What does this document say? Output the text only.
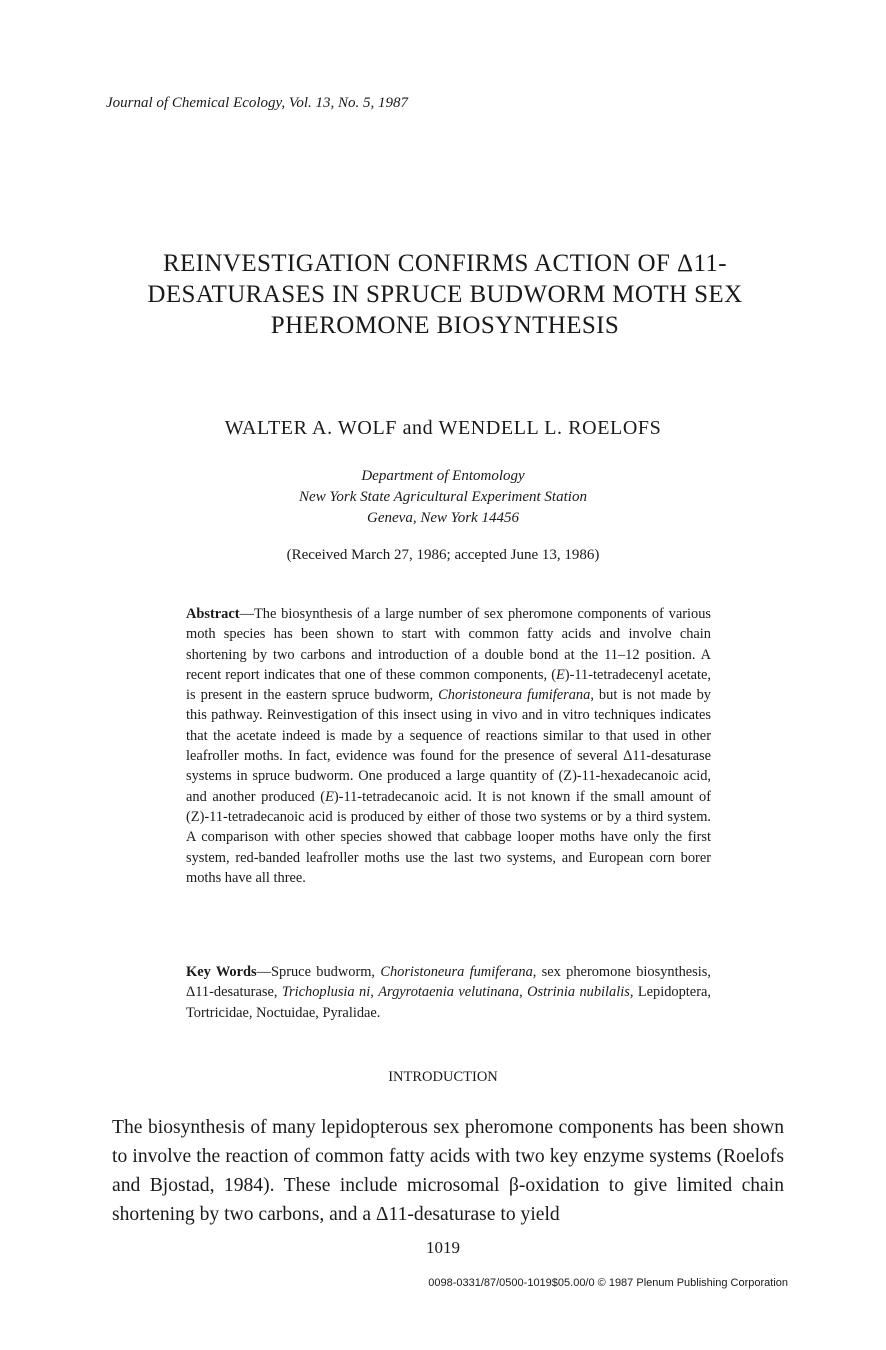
Journal of Chemical Ecology, Vol. 13, No. 5, 1987
REINVESTIGATION CONFIRMS ACTION OF Δ11-DESATURASES IN SPRUCE BUDWORM MOTH SEX PHEROMONE BIOSYNTHESIS
WALTER A. WOLF and WENDELL L. ROELOFS
Department of Entomology
New York State Agricultural Experiment Station
Geneva, New York 14456
(Received March 27, 1986; accepted June 13, 1986)
Abstract—The biosynthesis of a large number of sex pheromone components of various moth species has been shown to start with common fatty acids and involve chain shortening by two carbons and introduction of a double bond at the 11–12 position. A recent report indicates that one of these common components, (E)-11-tetradecenyl acetate, is present in the eastern spruce budworm, Choristoneura fumiferana, but is not made by this pathway. Reinvestigation of this insect using in vivo and in vitro techniques indicates that the acetate indeed is made by a sequence of reactions similar to that used in other leafroller moths. In fact, evidence was found for the presence of several Δ11-desaturase systems in spruce budworm. One produced a large quantity of (Z)-11-hexadecanoic acid, and another produced (E)-11-tetradecanoic acid. It is not known if the small amount of (Z)-11-tetradecanoic acid is produced by either of those two systems or by a third system. A comparison with other species showed that cabbage looper moths have only the first system, red-banded leafroller moths use the last two systems, and European corn borer moths have all three.
Key Words—Spruce budworm, Choristoneura fumiferana, sex pheromone biosynthesis, Δ11-desaturase, Trichoplusia ni, Argyrotaenia velutinana, Ostrinia nubilalis, Lepidoptera, Tortricidae, Noctuidae, Pyralidae.
INTRODUCTION
The biosynthesis of many lepidopterous sex pheromone components has been shown to involve the reaction of common fatty acids with two key enzyme systems (Roelofs and Bjostad, 1984). These include microsomal β-oxidation to give limited chain shortening by two carbons, and a Δ11-desaturase to yield
1019
0098-0331/87/0500-1019$05.00/0 © 1987 Plenum Publishing Corporation
